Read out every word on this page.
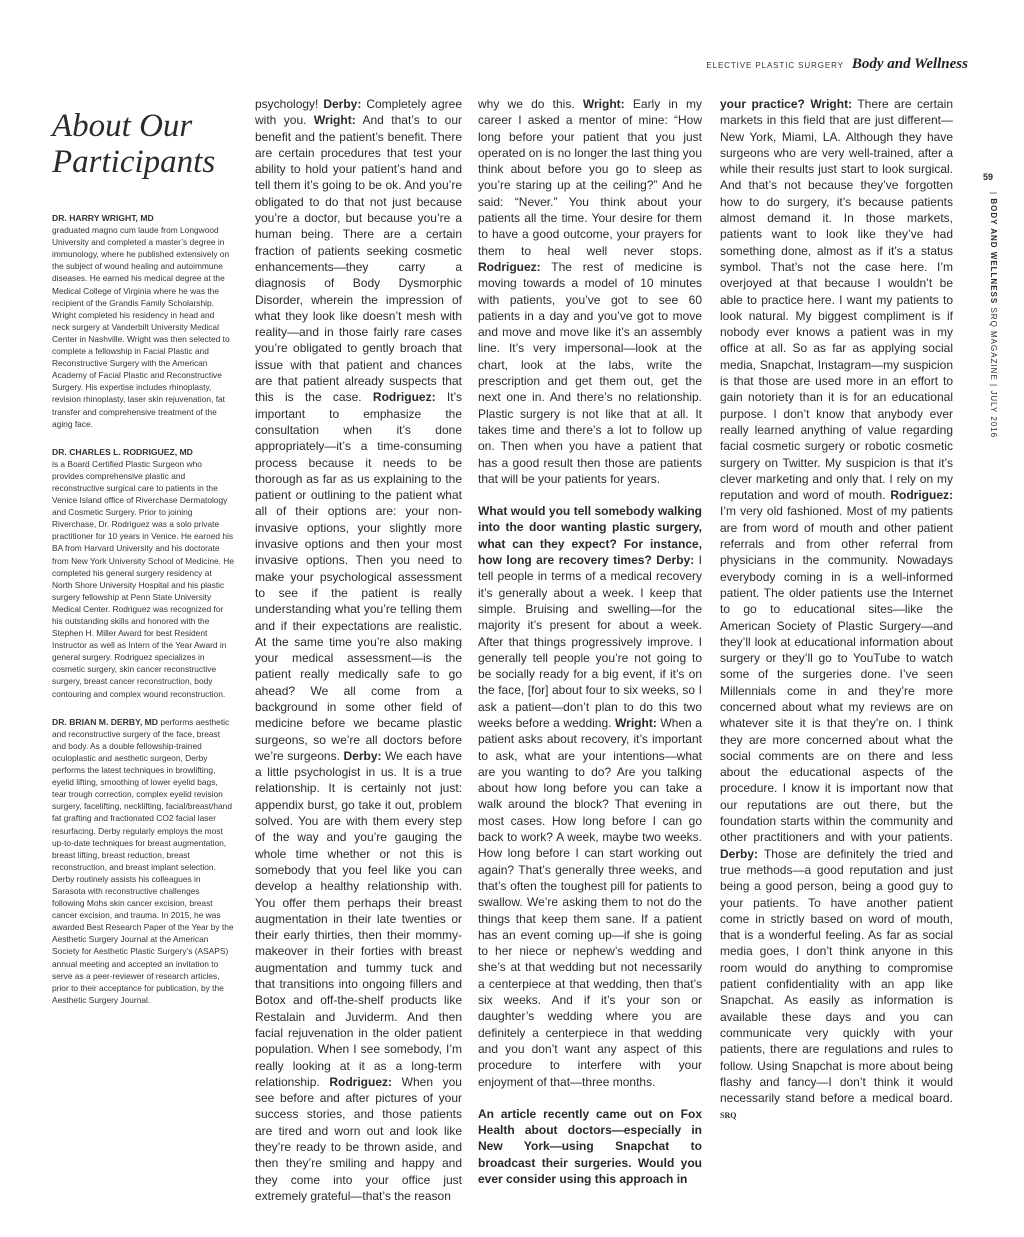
ELECTIVE PLASTIC SURGERY Body and Wellness
59
| BODY AND WELLNESS SRQ MAGAZINE | JULY 2016
About Our
Participants

DR. HARRY WRIGHT, MD
graduated magno cum laude from Longwood University and completed a master’s degree in immunology, where he published extensively on the subject of wound healing and autoimmune diseases. He earned his medical degree at the Medical College of Virginia where he was the recipient of the Grandis Family Scholarship. Wright completed his residency in head and neck surgery at Vanderbilt University Medical Center in Nashville. Wright was then selected to complete a fellowship in Facial Plastic and Reconstructive Surgery with the American Academy of Facial Plastic and Reconstructive Surgery. His expertise includes rhinoplasty, revision rhinoplasty, laser skin rejuvenation, fat transfer and comprehensive treatment of the aging face.

DR. CHARLES L. RODRIGUEZ, MD
is a Board Certified Plastic Surgeon who provides comprehensive plastic and reconstructive surgical care to patients in the Venice Island office of Riverchase Dermatology and Cosmetic Surgery. Prior to joining Riverchase, Dr. Rodriguez was a solo private practitioner for 10 years in Venice. He earned his BA from Harvard University and his doctorate from New York University School of Medicine. He completed his general surgery residency at North Shore University Hospital and his plastic surgery fellowship at Penn State University Medical Center. Rodriguez was recognized for his outstanding skills and honored with the Stephen H. Miller Award for best Resident Instructor as well as Intern of the Year Award in general surgery. Rodriguez specializes in cosmetic surgery, skin cancer reconstructive surgery, breast cancer reconstruction, body contouring and complex wound reconstruction.

DR. BRIAN M. DERBY, MD performs aesthetic and reconstructive surgery of the face, breast and body. As a double fellowship-trained oculoplastic and aesthetic surgeon, Derby performs the latest techniques in browlifting, eyelid lifting, smoothing of lower eyelid bags, tear trough correction, complex eyelid revision surgery, facelifting, necklifting, facial/breast/hand fat grafting and fractionated CO2 facial laser resurfacing. Derby regularly employs the most up-to-date techniques for breast augmentation, breast lifting, breast reduction, breast reconstruction, and breast implant selection. Derby routinely assists his colleagues in Sarasota with reconstructive challenges following Mohs skin cancer excision, breast cancer excision, and trauma. In 2015, he was awarded Best Research Paper of the Year by the Aesthetic Surgery Journal at the American Society for Aesthetic Plastic Surgery’s (ASAPS) annual meeting and accepted an invitation to serve as a peer-reviewer of research articles, prior to their acceptance for publication, by the Aesthetic Surgery Journal.

psychology! Derby: Completely agree with you. Wright: And that’s to our benefit and the patient’s benefit. There are certain procedures that test your ability to hold your patient’s hand and tell them it’s going to be ok. And you’re obligated to do that not just because you’re a doctor, but because you’re a human being. There are a certain fraction of patients seeking cosmetic enhancements—they carry a diagnosis of Body Dysmorphic Disorder, wherein the impression of what they look like doesn’t mesh with reality—and in those fairly rare cases you’re obligated to gently broach that issue with that patient and chances are that patient already suspects that this is the case. Rodriguez: It’s important to emphasize the consultation when it’s done appropriately—it’s a time-consuming process because it needs to be thorough as far as us explaining to the patient or outlining to the patient what all of their options are: your non-invasive options, your slightly more invasive options and then your most invasive options. Then you need to make your psychological assessment to see if the patient is really understanding what you’re telling them and if their expectations are realistic. At the same time you’re also making your medical assessment—is the patient really medically safe to go ahead? We all come from a background in some other field of medicine before we became plastic surgeons, so we’re all doctors before we’re surgeons. Derby: We each have a little psychologist in us. It is a true relationship. It is certainly not just: appendix burst, go take it out, problem solved. You are with them every step of the way and you’re gauging the whole time whether or not this is somebody that you feel like you can develop a healthy relationship with. You offer them perhaps their breast augmentation in their late twenties or their early thirties, then their mommy-makeover in their forties with breast augmentation and tummy tuck and that transitions into ongoing fillers and Botox and off-the-shelf products like Restalain and Juviderm. And then facial rejuvenation in the older patient population. When I see somebody, I’m really looking at it as a long-term relationship. Rodriguez: When you see before and after pictures of your success stories, and those patients are tired and worn out and look like they’re ready to be thrown aside, and then they’re smiling and happy and they come into your office just extremely grateful—that’s the reason

why we do this. Wright: Early in my career I asked a mentor of mine: “How long before your patient that you just operated on is no longer the last thing you think about before you go to sleep as you’re staring up at the ceiling?” And he said: “Never.” You think about your patients all the time. Your desire for them to have a good outcome, your prayers for them to heal well never stops. Rodriguez: The rest of medicine is moving towards a model of 10 minutes with patients, you’ve got to see 60 patients in a day and you’ve got to move and move and move like it’s an assembly line. It’s very impersonal—look at the chart, look at the labs, write the prescription and get them out, get the next one in. And there’s no relationship. Plastic surgery is not like that at all. It takes time and there’s a lot to follow up on. Then when you have a patient that has a good result then those are patients that will be your patients for years.

What would you tell somebody walking into the door wanting plastic surgery, what can they expect? For instance, how long are recovery times? Derby: I tell people in terms of a medical recovery it’s generally about a week. I keep that simple. Bruising and swelling—for the majority it’s present for about a week. After that things progressively improve. I generally tell people you’re not going to be socially ready for a big event, if it’s on the face, [for] about four to six weeks, so I ask a patient—don’t plan to do this two weeks before a wedding. Wright: When a patient asks about recovery, it’s important to ask, what are your intentions—what are you wanting to do? Are you talking about how long before you can take a walk around the block? That evening in most cases. How long before I can go back to work? A week, maybe two weeks. How long before I can start working out again? That’s generally three weeks, and that’s often the toughest pill for patients to swallow. We’re asking them to not do the things that keep them sane. If a patient has an event coming up—if she is going to her niece or nephew’s wedding and she’s at that wedding but not necessarily a centerpiece at that wedding, then that’s six weeks. And if it’s your son or daughter’s wedding where you are definitely a centerpiece in that wedding and you don’t want any aspect of this procedure to interfere with your enjoyment of that—three months.

An article recently came out on Fox Health about doctors—especially in New York—using Snapchat to broadcast their surgeries. Would you ever consider using this approach in

your practice? Wright: There are certain markets in this field that are just different—New York, Miami, LA. Although they have surgeons who are very well-trained, after a while their results just start to look surgical. And that’s not because they’ve forgotten how to do surgery, it’s because patients almost demand it. In those markets, patients want to look like they’ve had something done, almost as if it’s a status symbol. That’s not the case here. I’m overjoyed at that because I wouldn’t be able to practice here. I want my patients to look natural. My biggest compliment is if nobody ever knows a patient was in my office at all. So as far as applying social media, Snapchat, Instagram—my suspicion is that those are used more in an effort to gain notoriety than it is for an educational purpose. I don’t know that anybody ever really learned anything of value regarding facial cosmetic surgery or robotic cosmetic surgery on Twitter. My suspicion is that it’s clever marketing and only that. I rely on my reputation and word of mouth. Rodriguez: I’m very old fashioned. Most of my patients are from word of mouth and other patient referrals and from other referral from physicians in the community. Nowadays everybody coming in is a well-informed patient. The older patients use the Internet to go to educational sites—like the American Society of Plastic Surgery—and they’ll look at educational information about surgery or they’ll go to YouTube to watch some of the surgeries done. I’ve seen Millennials come in and they’re more concerned about what my reviews are on whatever site it is that they’re on. I think they are more concerned about what the social comments are on there and less about the educational aspects of the procedure. I know it is important now that our reputations are out there, but the foundation starts within the community and other practitioners and with your patients. Derby: Those are definitely the tried and true methods—a good reputation and just being a good person, being a good guy to your patients. To have another patient come in strictly based on word of mouth, that is a wonderful feeling. As far as social media goes, I don’t think anyone in this room would do anything to compromise patient confidentiality with an app like Snapchat. As easily as information is available these days and you can communicate very quickly with your patients, there are regulations and rules to follow. Using Snapchat is more about being flashy and fancy—I don’t think it would necessarily stand before a medical board. SRQ
